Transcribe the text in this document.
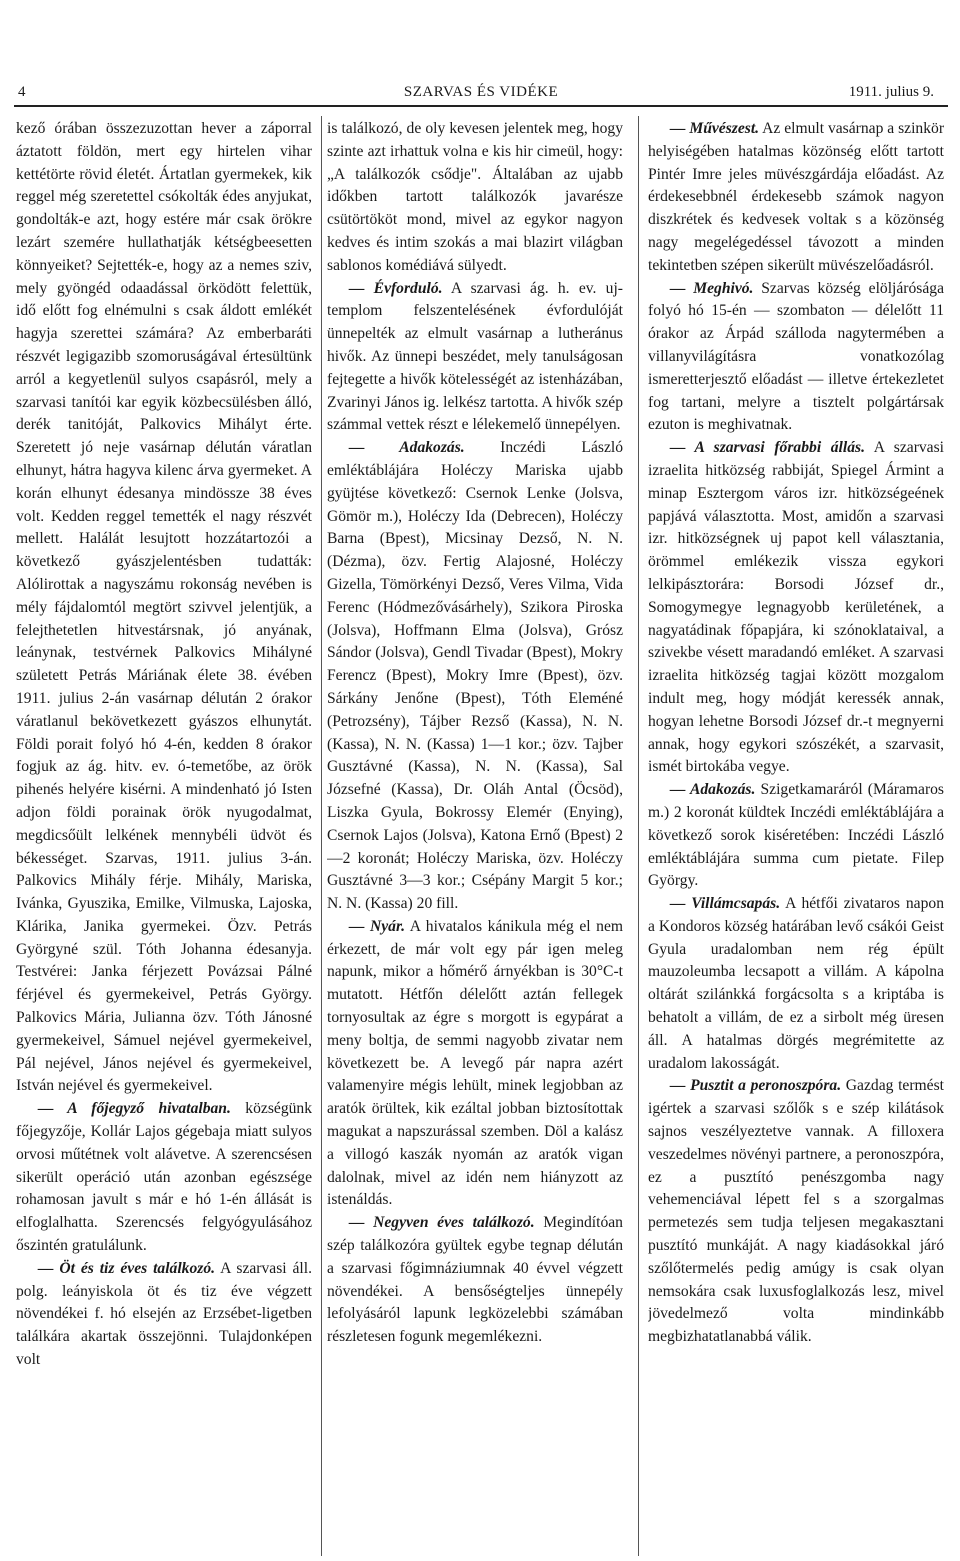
4	SZARVAS ÉS VIDÉKE	1911. julius 9.

kező órában összezuzottan hever a záporral áztatott földön, mert egy hirtelen vihar kettétörte rövid életét. Ártatlan gyermekek, kik reggel még szeretettel csókolták édes anyjukat, gondolták-e azt, hogy estére már csak örökre lezárt szemére hullathatják kétségbeesetten könnyeiket? Sejtették-e, hogy az a nemes sziv, mely gyöngéd odaadással örködött felettük, idő előtt fog elnémulni s csak áldott emlékét hagyja szerettei számára? Az emberbaráti részvét legigazibb szomoruságával értesültünk arról a kegyetlenül sulyos csapásról, mely a szarvasi tanítói kar egyik közbecsülésben álló, derék tanitóját, Palkovics Mihályt érte. Szeretett jó neje vasárnap délután váratlan elhunyt, hátra hagyva kilenc árva gyermeket. A korán elhunyt édesanya mindössze 38 éves volt. Kedden reggel temették el nagy részvét mellett. Halálát lesujtott hozzátartozói a következő gyászjelentésben tudatták: Alólirottak a nagyszámu rokonság nevében is mély fájdalomtól megtört szivvel jelentjük, a felejthetetlen hitvestársnak, jó anyának, leánynak, testvérnek Palkovics Mihályné született Petrás Máriának élete 38. évében 1911. julius 2-án vasárnap délután 2 órakor váratlanul bekövetkezett gyászos elhunytát. Földi porait folyó hó 4-én, kedden 8 órakor fogjuk az ág. hitv. ev. ó-temetőbe, az örök pihenés helyére kisérni. A mindenható jó Isten adjon földi porainak örök nyugodalmat, megdicsőült lelkének mennybéli üdvöt és békességet. Szarvas, 1911. julius 3-án. Palkovics Mihály férje. Mihály, Mariska, Ivánka, Gyuszika, Emilke, Vilmuska, Lajoska, Klárika, Janika gyermekei. Özv. Petrás Györgyné szül. Tóth Johanna édesanyja. Testvérei: Janka férjezett Povázsai Pálné férjével és gyermekeivel, Petrás György. Palkovics Mária, Julianna özv. Tóth Jánosné gyermekeivel, Sámuel nejével gyermekeivel, Pál nejével, János nejével és gyermekeivel, István nejével és gyermekeivel.

— A főjegyző hivatalban. községünk főjegyzője, Kollár Lajos gégebaja miatt sulyos orvosi műtétnek volt alávetve. A szerencsésen sikerült operáció után azonban egészsége rohamosan javult s már e hó 1-én állását is elfoglalhatta. Szerencsés felgyógyulásához őszintén gratulálunk.

— Öt és tiz éves találkozó. A szarvasi áll. polg. leányiskola öt és tiz éve végzett növendékei f. hó elsején az Erzsébet-ligetben találkára akartak összejönni. Tulajdonképen volt

is találkozó, de oly kevesen jelentek meg, hogy szinte azt irhattuk volna e kis hir cimeül, hogy: „A találkozók csődje". Általában az ujabb időkben tartott találkozók javarésze csütörtököt mond, mivel az egykor nagyon kedves és intim szokás a mai blazirt világban sablonos komédiává sülyedt.

— Évforduló. A szarvasi ág. h. ev. uj-templom felszentelésének évfordulóját ünnepelték az elmult vasárnap a lutheránus hivők. Az ünnepi beszédet, mely tanulságosan fejtegette a hivők kötelességét az istenházában, Zvarinyi János ig. lelkész tartotta. A hivők szép számmal vettek részt e lélekemelő ünnepélyen.

— Adakozás. Inczédi László emléktáblájára Holéczy Mariska ujabb gyüjtése következő: Csernok Lenke (Jolsva, Gömör m.), Holéczy Ida (Debrecen), Holéczy Barna (Bpest), Micsinay Dezső, N. N. (Dézma), özv. Fertig Alajosné, Holéczy Gizella, Tömörkényi Dezső, Veres Vilma, Vida Ferenc (Hódmezővásárhely), Szikora Piroska (Jolsva), Hoffmann Elma (Jolsva), Grósz Sándor (Jolsva), Gendl Tivadar (Bpest), Mokry Ferencz (Bpest), Mokry Imre (Bpest), özv. Sárkány Jenőne (Bpest), Tóth Eleméné (Petrozsény), Tájber Rezső (Kassa), N. N. (Kassa), N. N. (Kassa) 1—1 kor.; özv. Tajber Gusztávné (Kassa), N. N. (Kassa), Sal Józsefné (Kassa), Dr. Oláh Antal (Öcsöd), Liszka Gyula, Bokrossy Elemér (Enying), Csernok Lajos (Jolsva), Katona Ernő (Bpest) 2—2 koronát; Holéczy Mariska, özv. Holéczy Gusztávné 3—3 kor.; Csépány Margit 5 kor.; N. N. (Kassa) 20 fill.

— Nyár. A hivatalos kánikula még el nem érkezett, de már volt egy pár igen meleg napunk, mikor a hőmérő árnyékban is 30°C-t mutatott. Hétfőn délelőtt aztán fellegek tornyosultak az égre s morgott is egypárat a meny boltja, de semmi nagyobb zivatar nem következett be. A levegő pár napra azért valamenyire mégis lehült, minek legjobban az aratók örültek, kik ezáltal jobban biztosítottak magukat a napszurással szemben. Döl a kalász a villogó kaszák nyomán az aratók vigan dalolnak, mivel az idén nem hiányzott az istenáldás.

— Negyven éves találkozó. Megindítóan szép találkozóra gyültek egybe tegnap délután a szarvasi főgimnáziumnak 40 évvel végzett növendékei. A bensőségteljes ünnepély lefolyásáról lapunk legközelebbi számában részletesen fogunk megemlékezni.

— Művészest. Az elmult vasárnap a szinkör helyiségében hatalmas közönség előtt tartott Pintér Imre jeles müvészgárdája előadást. Az érdekesebbnél érdekesebb számok nagyon diszkrétek és kedvesek voltak s a közönség nagy megelégedéssel távozott a minden tekintetben szépen sikerült müvészelőadásról.

— Meghivó. Szarvas község elöljárósága folyó hó 15-én — szombaton — délelőtt 11 órakor az Árpád szálloda nagytermében a villanyvilágításra vonatkozólag ismeretterjesztő előadást — illetve értekezletet fog tartani, melyre a tisztelt polgártársak ezuton is meghivatnak.

— A szarvasi főrabbi állás. A szarvasi izraelita hitközség rabbiját, Spiegel Ármint a minap Esztergom város izr. hitközségeének papjává választotta. Most, amidőn a szarvasi izr. hitközségnek uj papot kell választania, örömmel emlékezik vissza egykori lelkipásztorára: Borsodi József dr., Somogymegye legnagyobb kerületének, a nagyatádinak főpapjára, ki szónoklataival, a szivekbe vésett maradandó emléket. A szarvasi izraelita hitközség tagjai között mozgalom indult meg, hogy módját keressék annak, hogyan lehetne Borsodi József dr.-t megnyerni annak, hogy egykori szószékét, a szarvasit, ismét birtokába vegye.

— Adakozás. Szigetkamaráról (Máramaros m.) 2 koronát küldtek Inczédi emléktáblájára a következő sorok kiséretében: Inczédi László emléktáblájára summa cum pietate. Filep György.

— Villámcsapás. A hétfői zivataros napon a Kondoros község határában levő csákói Geist Gyula uradalomban nem rég épült mauzoleumba lecsapott a villám. A kápolna oltárát szilánkká forgácsolta s a kriptába is behatolt a villám, de ez a sirbolt még üresen áll. A hatalmas dörgés megrémitette az uradalom lakosságát.

— Pusztit a peronoszpóra. Gazdag termést igértek a szarvasi szőlők s e szép kilátások sajnos veszélyeztetve vannak. A filloxera veszedelmes növényi partnere, a peronoszpóra, ez a pusztító penészgomba nagy vehemenciával lépett fel s a szorgalmas permetezés sem tudja teljesen megakasztani pusztító munkáját. A nagy kiadásokkal járó szőlőtermelés pedig amúgy is csak olyan nemsokára csak luxusfoglalkozás lesz, mivel jövedelmező volta mindinkább megbizhatatlanabbá válik.
